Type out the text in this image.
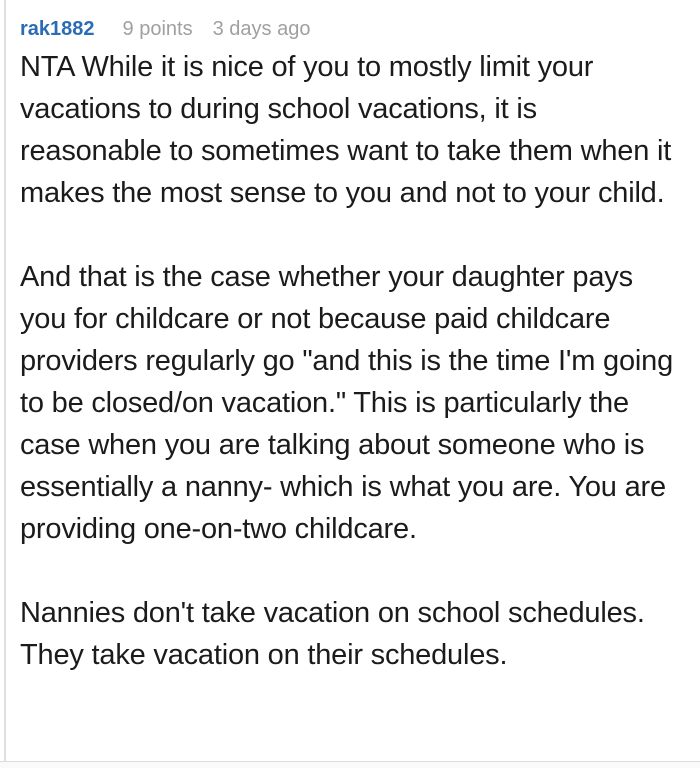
rak1882 9 points 3 days ago

NTA While it is nice of you to mostly limit your vacations to during school vacations, it is reasonable to sometimes want to take them when it makes the most sense to you and not to your child.

And that is the case whether your daughter pays you for childcare or not because paid childcare providers regularly go "and this is the time I'm going to be closed/on vacation." This is particularly the case when you are talking about someone who is essentially a nanny- which is what you are. You are providing one-on-two childcare.

Nannies don't take vacation on school schedules. They take vacation on their schedules.
